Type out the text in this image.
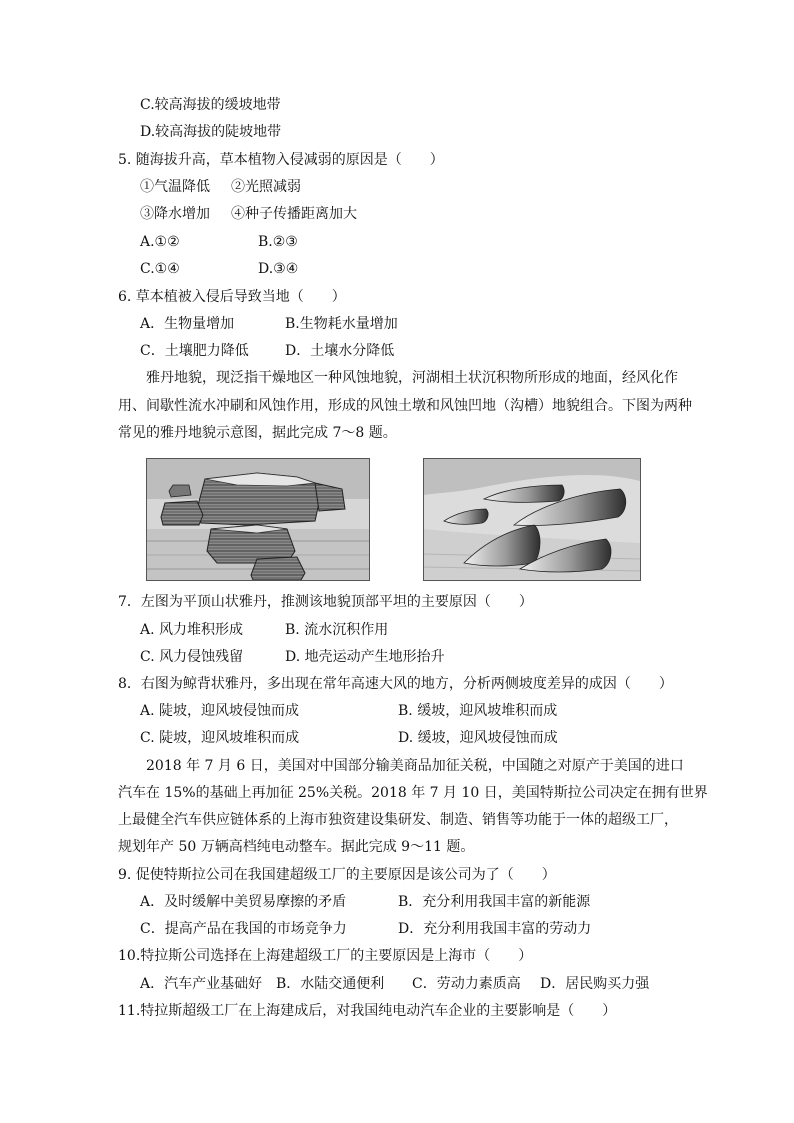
C.较高海拔的缓坡地带
D.较高海拔的陡坡地带
5. 随海拔升高，草本植物入侵减弱的原因是（　　）
①气温降低 ②光照减弱
③降水增加 ④种子传播距离加大
A.①②	B.②③
C.①④	D.③④
6. 草本植被入侵后导致当地（　　）
A．生物量增加	B.生物耗水量增加
C．土壤肥力降低	D．土壤水分降低
雅丹地貌，现泛指干燥地区一种风蚀地貌，河湖相土状沉积物所形成的地面，经风化作
用、间歇性流水冲刷和风蚀作用，形成的风蚀土墩和风蚀凹地（沟槽）地貌组合。下图为两种
常见的雅丹地貌示意图，据此完成 7～8 题。
7．左图为平顶山状雅丹，推测该地貌顶部平坦的主要原因（　　）
A. 风力堆积形成	B. 流水沉积作用
C. 风力侵蚀残留	D. 地壳运动产生地形抬升
8．右图为鲸背状雅丹，多出现在常年高速大风的地方，分析两侧坡度差异的成因（　　）
A. 陡坡，迎风坡侵蚀而成	B. 缓坡，迎风坡堆积而成
C. 陡坡，迎风坡堆积而成	D. 缓坡，迎风坡侵蚀而成
2018 年 7 月 6 日，美国对中国部分输美商品加征关税，中国随之对原产于美国的进口
汽车在 15%的基础上再加征 25%关税。2018 年 7 月 10 日，美国特斯拉公司决定在拥有世界
上最健全汽车供应链体系的上海市独资建设集研发、制造、销售等功能于一体的超级工厂，
规划年产 50 万辆高档纯电动整车。据此完成 9～11 题。
9. 促使特斯拉公司在我国建超级工厂的主要原因是该公司为了（　　）
A．及时缓解中美贸易摩擦的矛盾	B．充分利用我国丰富的新能源
C．提高产品在我国的市场竞争力	D．充分利用我国丰富的劳动力
10.特拉斯公司选择在上海建超级工厂的主要原因是上海市（　　）
A．汽车产业基础好 B．水陆交通便利 C．劳动力素质高 D．居民购买力强
11.特拉斯超级工厂在上海建成后，对我国纯电动汽车企业的主要影响是（　　）
